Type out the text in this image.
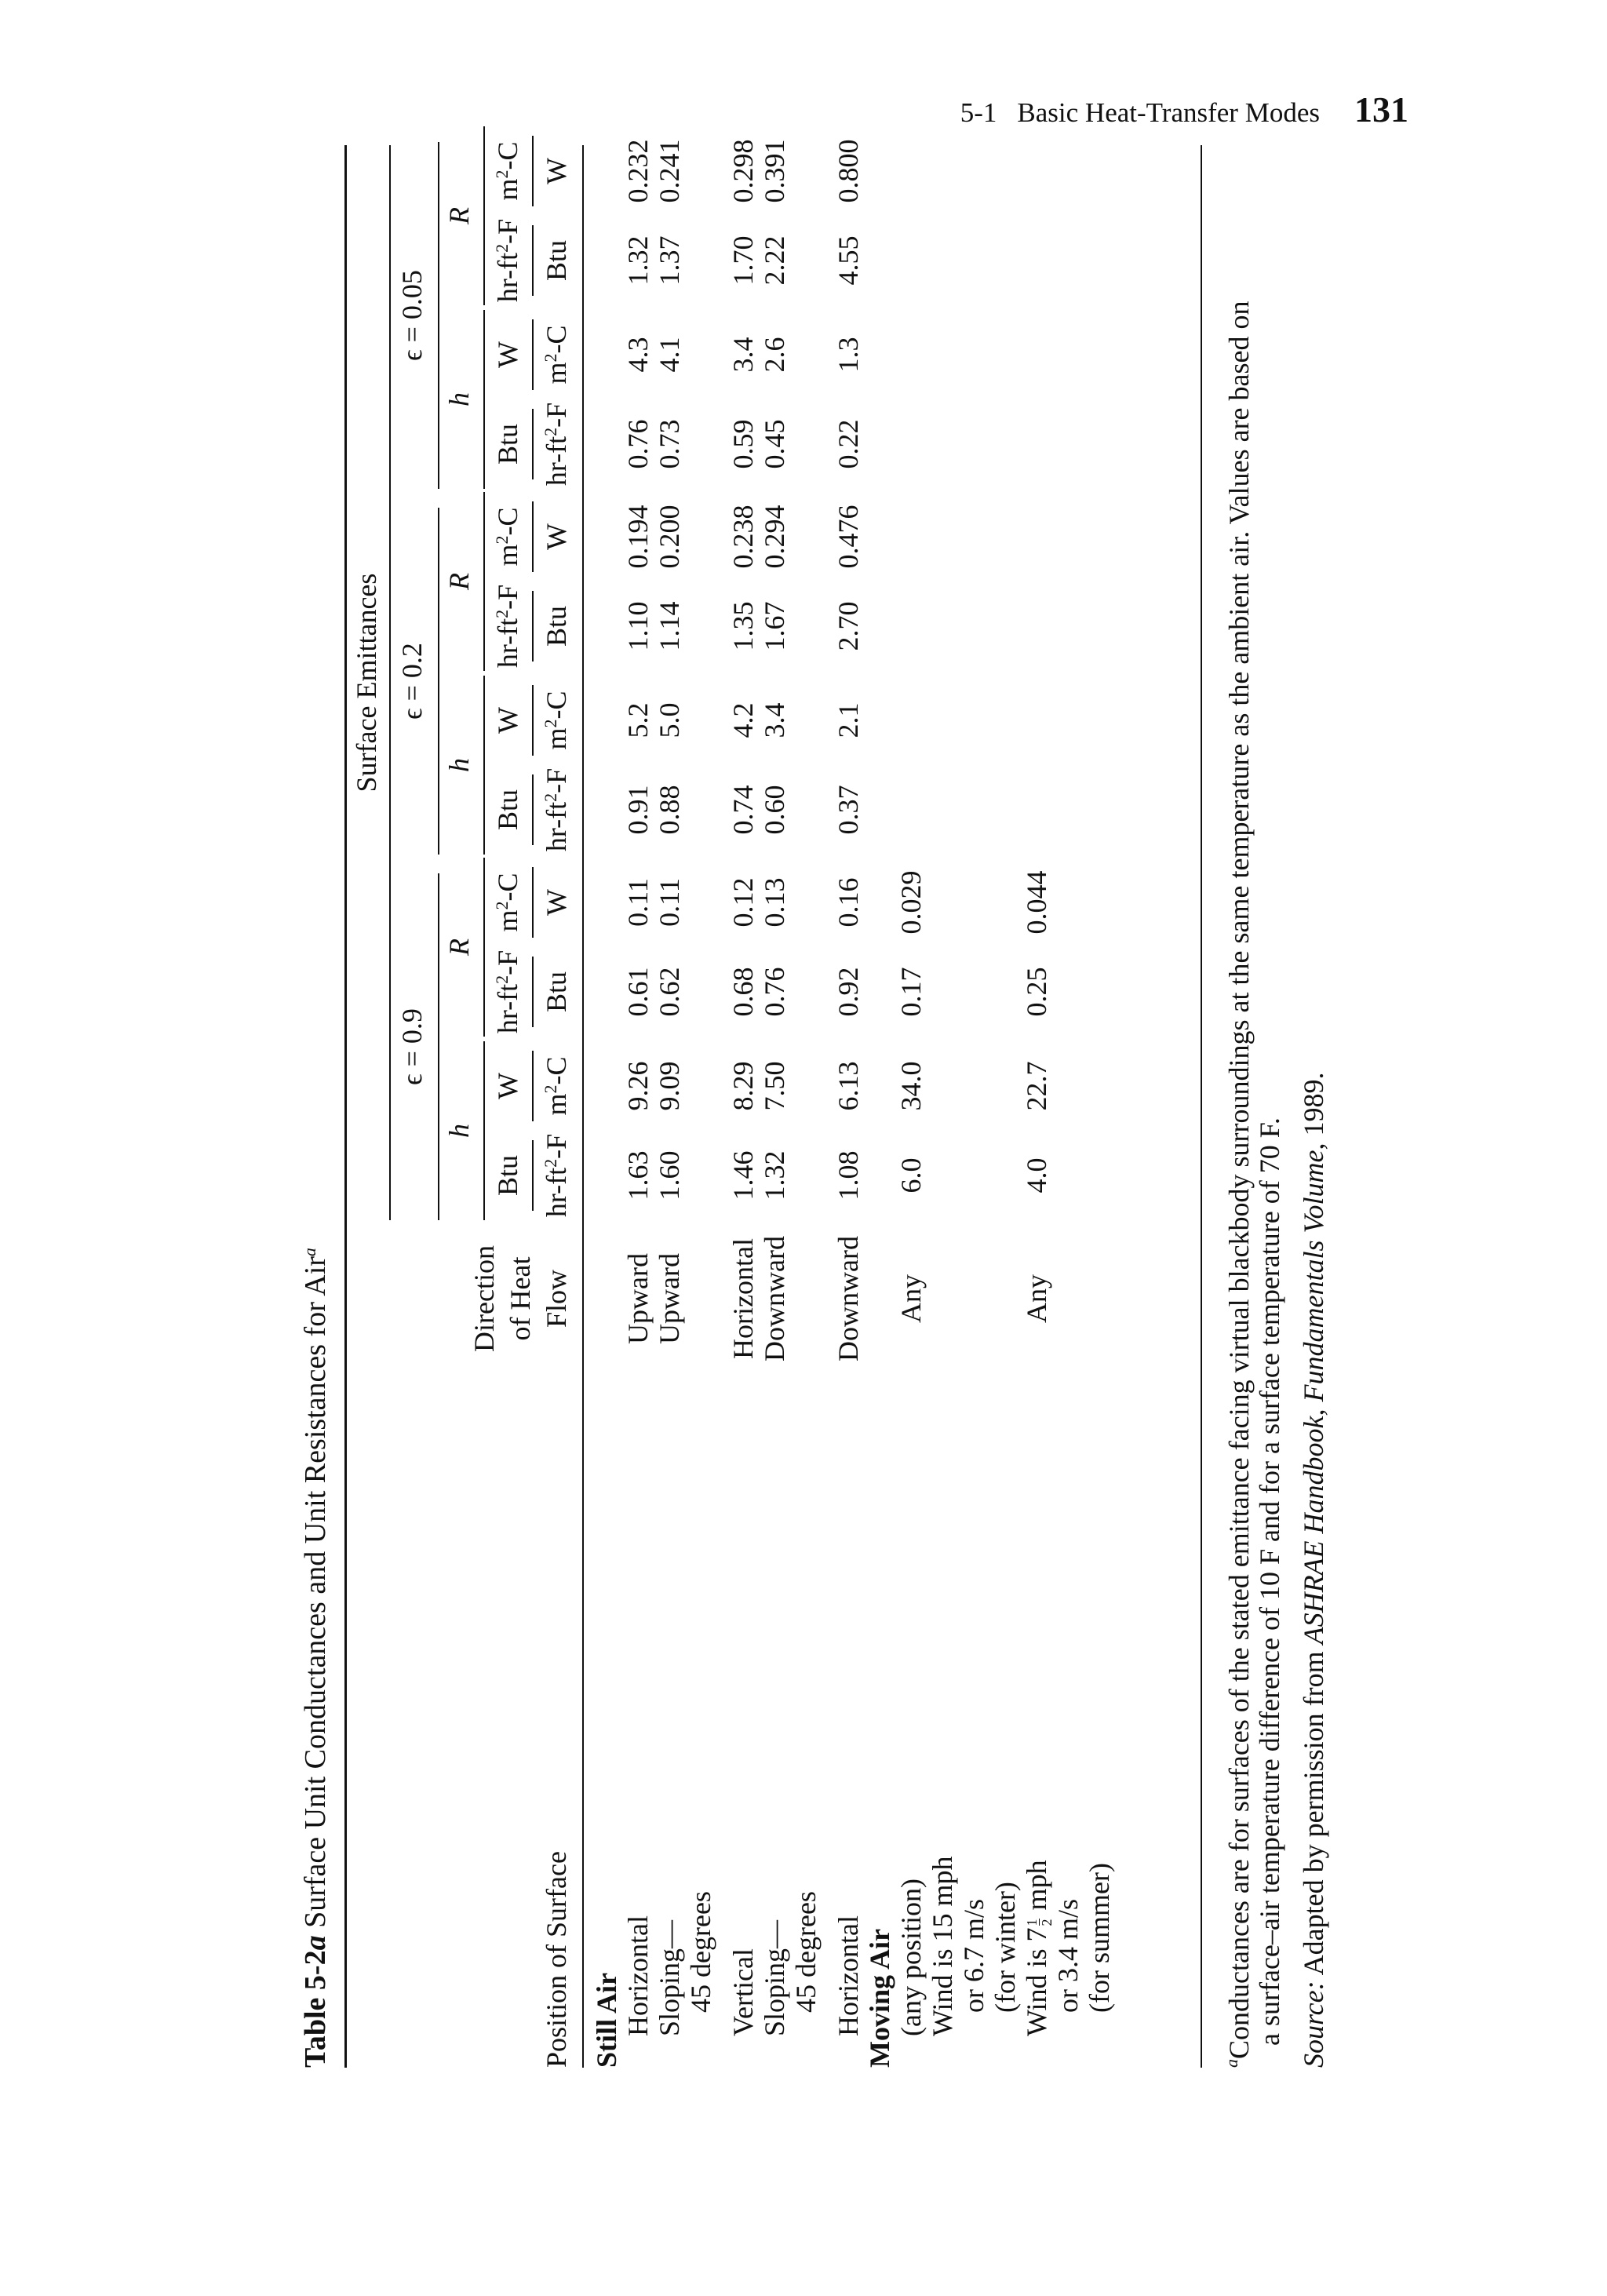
5-1 Basic Heat-Transfer Modes 131
Table 5-2a Surface Unit Conductances and Unit Resistances for Air$^a$
Surface Emittances
ϵ = 0.9
h
R
ϵ = 0.2
h
R
ϵ = 0.05
h
R
Btu $hr-ft^2-F$
W
$m^2-C$
$hr-ft^2-F$
Btu
$m^2-C$
W
Btu $hr-ft^2-F$
W
$m^2-C$
$hr-ft^2-F$
Btu
$m^2-C$
W
Btu $hr-ft^2-F$
W
$m^2-C$
$hr-ft^2-F$
Btu
$m^2-C$
W
Position of Surface
Direction of Heat Flow
Still Air Horizontal
Upward
1.63
9.26
0.61
0.11
0.91
5.2
1.10
0.194
0.76
4.3
1.32
0.232
Sloping—
Upward
1.60
9.09
0.62
0.11
0.88
5.0
1.14
0.200
0.73
4.1
1.37
0.241
45 degrees Vertical
Horizontal
1.46
8.29
0.68
0.12
0.74
4.2
1.35
0.238
0.59
3.4
1.70
0.298
Sloping—
Downward
1.32
7.50
0.76
0.13
0.60
3.4
1.67
0.294
0.45
2.6
2.22
0.391
45 degrees Horizontal
Downward
1.08
6.13
0.92
0.16
0.37
2.1
2.70
0.476
0.22
1.3
4.55
0.800
Moving Air (any position)
Any
6.0
34.0
0.17
0.029
Wind is 15 mph or 6.7 m/s (for winter) Wind is 7
1 2
mph
Any
4.0
22.7
0.25
0.044
or 3.4 m/s (for summer)
$^a$Conductances are for surfaces of the stated emittance facing virtual blackbody surroundings at the same temperature as the ambient air. Values are based on a surface–air temperature difference of 10 F and for a surface temperature of 70 F. Source: Adapted by permission from ASHRAE Handbook, Fundamentals Volume, 1989.
